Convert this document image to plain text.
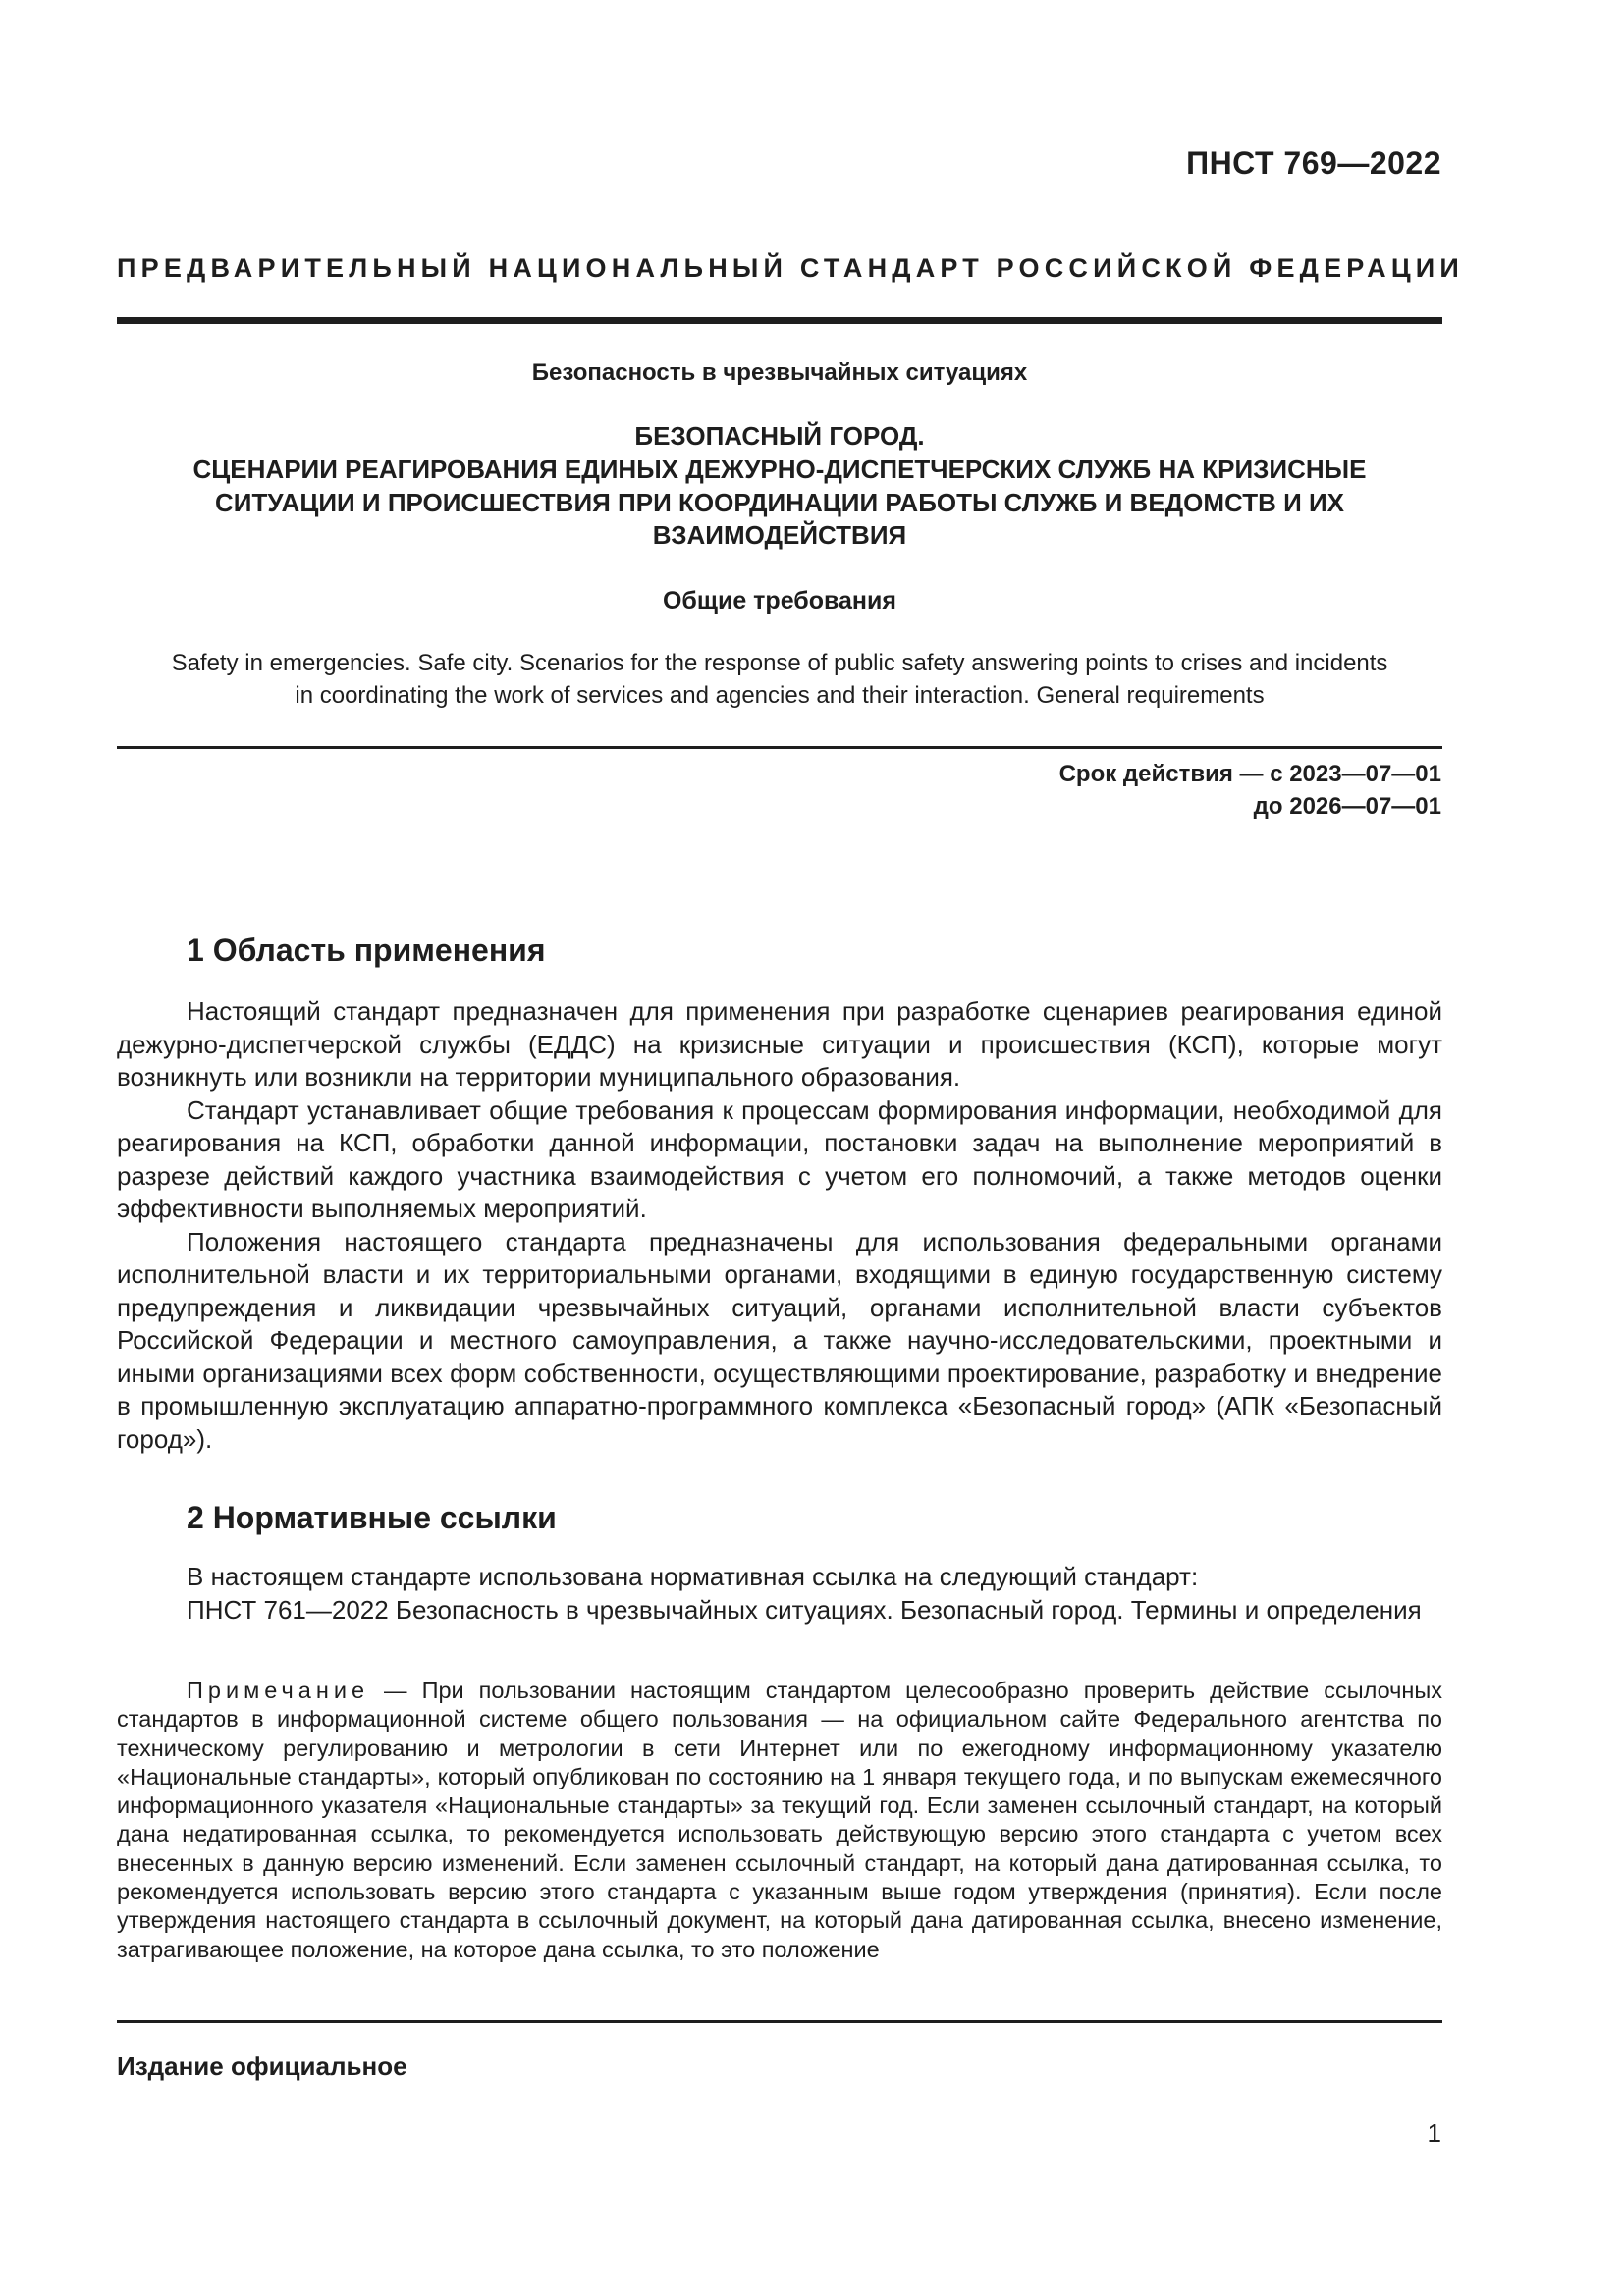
ПНСТ 769—2022
ПРЕДВАРИТЕЛЬНЫЙ НАЦИОНАЛЬНЫЙ СТАНДАРТ РОССИЙСКОЙ ФЕДЕРАЦИИ
Безопасность в чрезвычайных ситуациях
БЕЗОПАСНЫЙ ГОРОД.
СЦЕНАРИИ РЕАГИРОВАНИЯ ЕДИНЫХ ДЕЖУРНО-ДИСПЕТЧЕРСКИХ СЛУЖБ НА КРИЗИСНЫЕ
СИТУАЦИИ И ПРОИСШЕСТВИЯ ПРИ КООРДИНАЦИИ РАБОТЫ СЛУЖБ И ВЕДОМСТВ И ИХ
ВЗАИМОДЕЙСТВИЯ
Общие требования
Safety in emergencies. Safe city. Scenarios for the response of public safety answering points to crises and incidents
in coordinating the work of services and agencies and their interaction. General requirements
Срок действия — с 2023—07—01
до 2026—07—01
1 Область применения

Настоящий стандарт предназначен для применения при разработке сценариев реагирования единой дежурно-диспетчерской службы (ЕДДС) на кризисные ситуации и происшествия (КСП), которые могут возникнуть или возникли на территории муниципального образования.

Стандарт устанавливает общие требования к процессам формирования информации, необходимой для реагирования на КСП, обработки данной информации, постановки задач на выполнение мероприятий в разрезе действий каждого участника взаимодействия с учетом его полномочий, а также методов оценки эффективности выполняемых мероприятий.

Положения настоящего стандарта предназначены для использования федеральными органами исполнительной власти и их территориальными органами, входящими в единую государственную систему предупреждения и ликвидации чрезвычайных ситуаций, органами исполнительной власти субъектов Российской Федерации и местного самоуправления, а также научно-исследовательскими, проектными и иными организациями всех форм собственности, осуществляющими проектирование, разработку и внедрение в промышленную эксплуатацию аппаратно-программного комплекса «Безопасный город» (АПК «Безопасный город»).

2 Нормативные ссылки

В настоящем стандарте использована нормативная ссылка на следующий стандарт:

ПНСТ 761—2022 Безопасность в чрезвычайных ситуациях. Безопасный город. Термины и определения

Примечание — При пользовании настоящим стандартом целесообразно проверить действие ссылочных стандартов в информационной системе общего пользования — на официальном сайте Федерального агентства по техническому регулированию и метрологии в сети Интернет или по ежегодному информационному указателю «Национальные стандарты», который опубликован по состоянию на 1 января текущего года, и по выпускам ежемесячного информационного указателя «Национальные стандарты» за текущий год. Если заменен ссылочный стандарт, на который дана недатированная ссылка, то рекомендуется использовать действующую версию этого стандарта с учетом всех внесенных в данную версию изменений. Если заменен ссылочный стандарт, на который дана датированная ссылка, то рекомендуется использовать версию этого стандарта с указанным выше годом утверждения (принятия). Если после утверждения настоящего стандарта в ссылочный документ, на который дана датированная ссылка, внесено изменение, затрагивающее положение, на которое дана ссылка, то это положение

Издание официальное
1
